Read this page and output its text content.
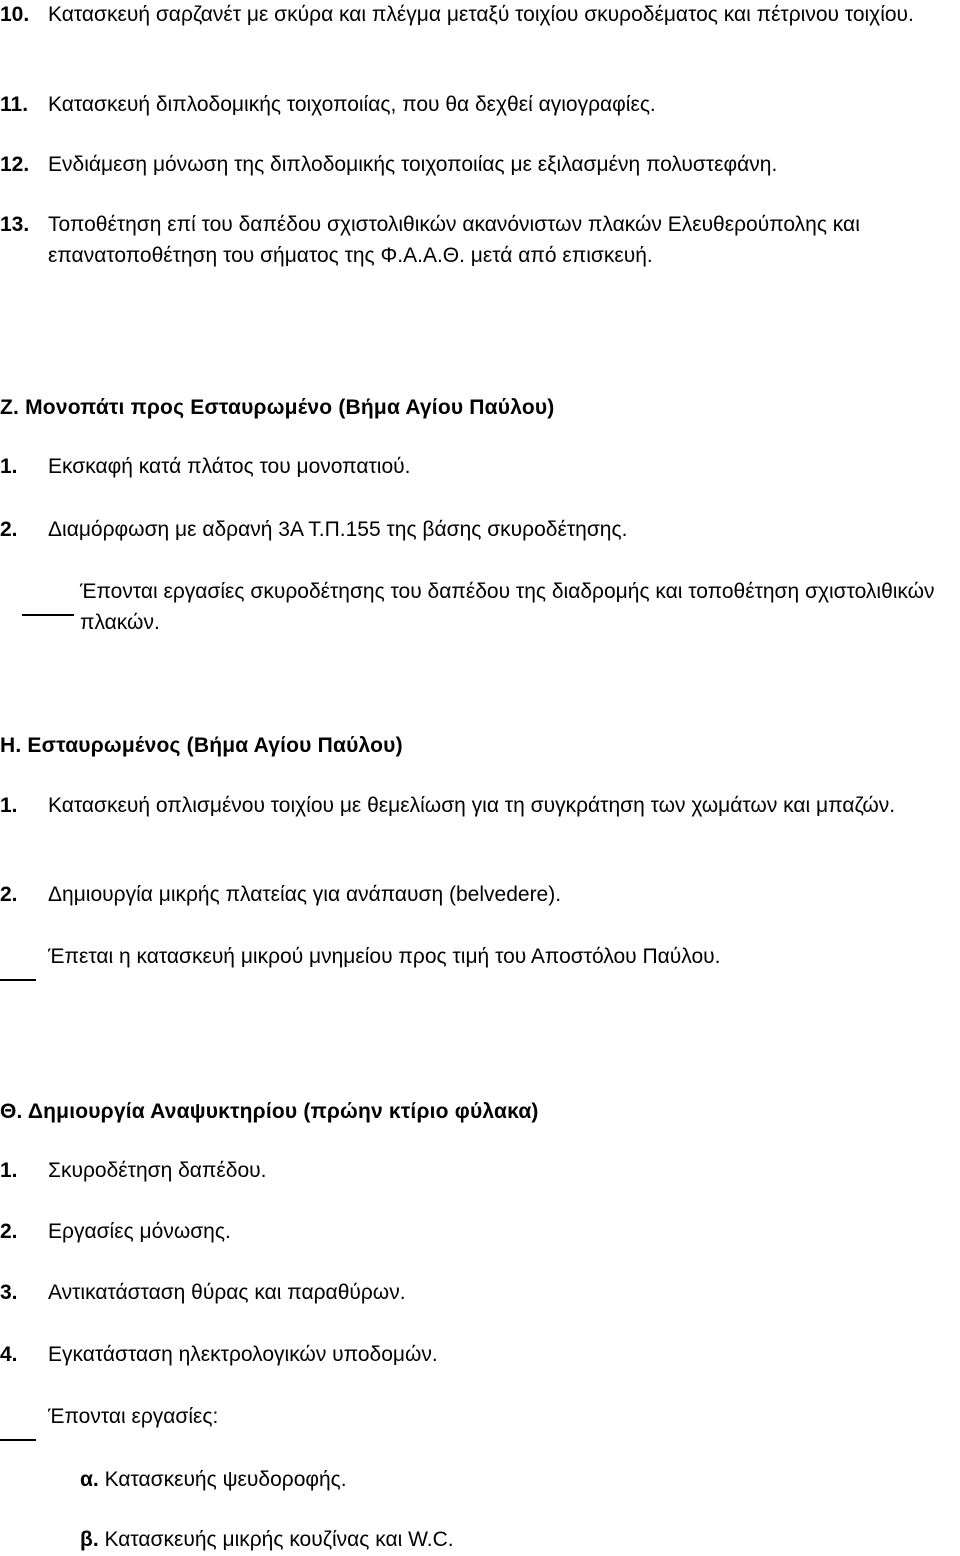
10. Κατασκευή σαρζανέτ με σκύρα και πλέγμα μεταξύ τοιχίου σκυροδέματος και πέτρινου τοιχίου.

11. Κατασκευή διπλοδομικής τοιχοποιίας, που θα δεχθεί αγιογραφίες.

12. Ενδιάμεση μόνωση της διπλοδομικής τοιχοποιίας με εξιλασμένη πολυστεφάνη.

13. Τοποθέτηση επί του δαπέδου σχιστολιθικών ακανόνιστων πλακών Ελευθερούπολης και επανατοποθέτηση του σήματος της Φ.Α.Α.Θ. μετά από επισκευή.

Ζ. Μονοπάτι προς Εσταυρωμένο (Βήμα Αγίου Παύλου)

1. Εκσκαφή κατά πλάτος του μονοπατιού.

2. Διαμόρφωση με αδρανή 3Α Τ.Π.155 της βάσης σκυροδέτησης.

Έπονται εργασίες σκυροδέτησης του δαπέδου της διαδρομής και τοποθέτηση σχιστολιθικών πλακών.

Η. Εσταυρωμένος (Βήμα Αγίου Παύλου)

1. Κατασκευή οπλισμένου τοιχίου με θεμελίωση για τη συγκράτηση των χωμάτων και μπαζών.

2. Δημιουργία μικρής πλατείας για ανάπαυση (belvedere).

Έπεται η κατασκευή μικρού μνημείου προς τιμή του Αποστόλου Παύλου.

Θ. Δημιουργία Αναψυκτηρίου (πρώην κτίριο φύλακα)

1. Σκυροδέτηση δαπέδου.

2. Εργασίες μόνωσης.

3. Αντικατάσταση θύρας και παραθύρων.

4. Εγκατάσταση ηλεκτρολογικών υποδομών.

Έπονται εργασίες:

α. Κατασκευής ψευδοροφής.

β. Κατασκευής μικρής κουζίνας και W.C.
